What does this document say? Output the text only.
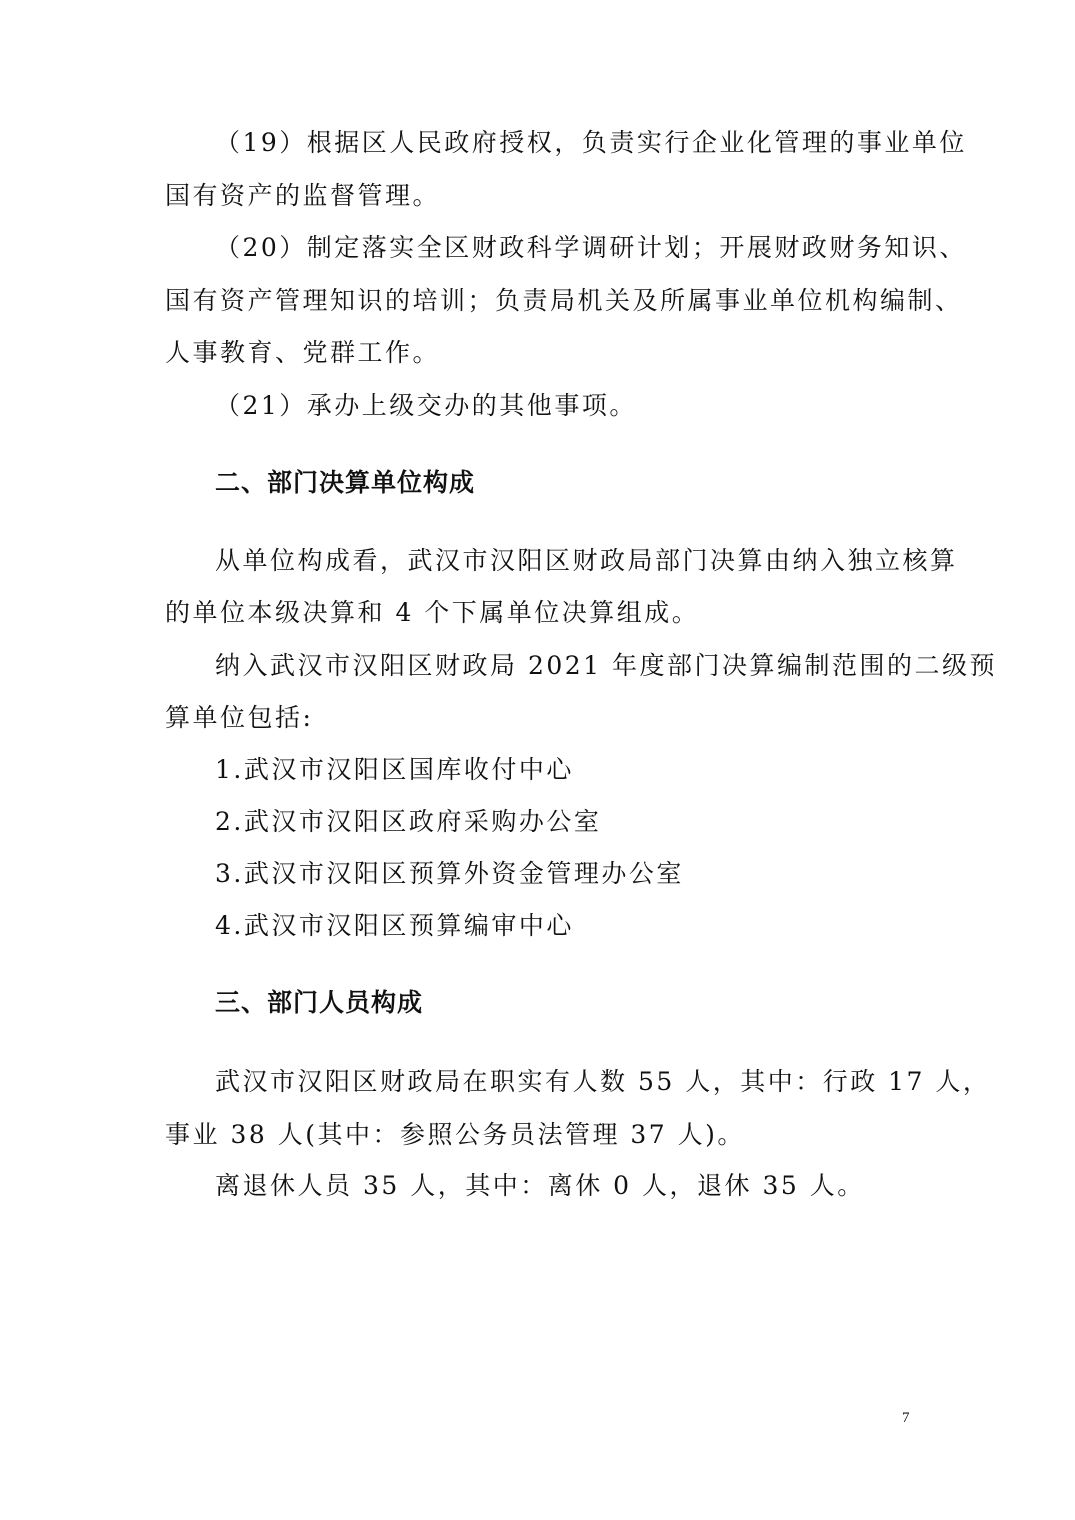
（19）根据区人民政府授权，负责实行企业化管理的事业单位
国有资产的监督管理。
（20）制定落实全区财政科学调研计划；开展财政财务知识、
国有资产管理知识的培训；负责局机关及所属事业单位机构编制、
人事教育、党群工作。
（21）承办上级交办的其他事项。
二、部门决算单位构成
从单位构成看，武汉市汉阳区财政局部门决算由纳入独立核算
的单位本级决算和 4 个下属单位决算组成。
纳入武汉市汉阳区财政局 2021 年度部门决算编制范围的二级预
算单位包括:
1.武汉市汉阳区国库收付中心
2.武汉市汉阳区政府采购办公室
3.武汉市汉阳区预算外资金管理办公室
4.武汉市汉阳区预算编审中心
三、部门人员构成
武汉市汉阳区财政局在职实有人数 55 人，其中：行政 17 人，
事业 38 人(其中：参照公务员法管理 37 人)。
离退休人员 35 人，其中：离休 0 人，退休 35 人。
7
